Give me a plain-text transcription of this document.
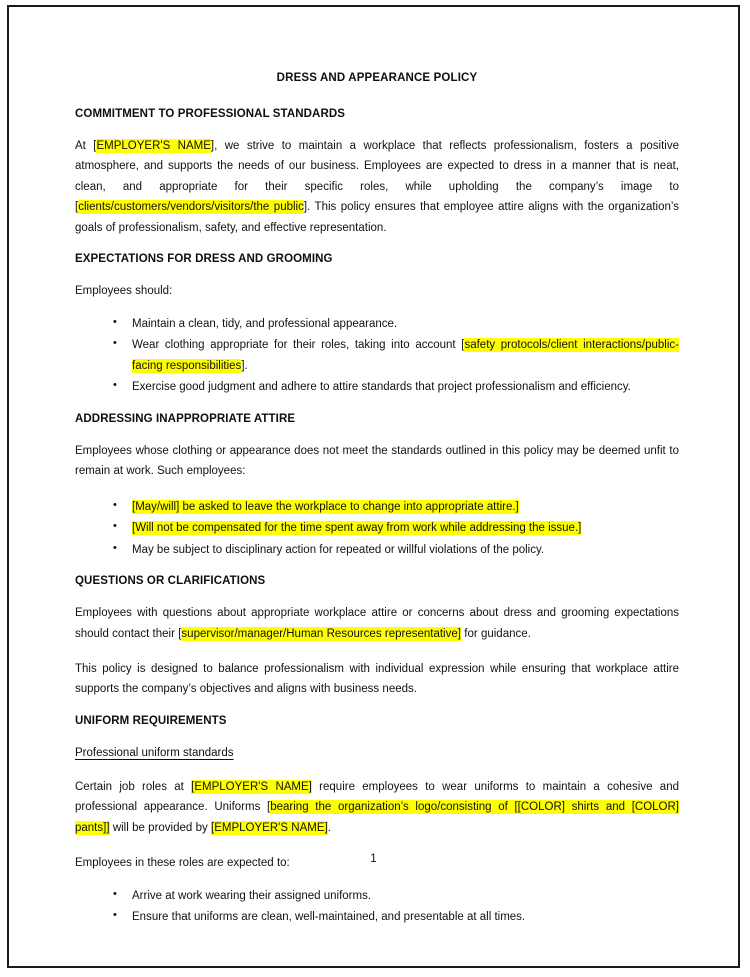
DRESS AND APPEARANCE POLICY
COMMITMENT TO PROFESSIONAL STANDARDS

At [EMPLOYER'S NAME], we strive to maintain a workplace that reflects professionalism, fosters a positive atmosphere, and supports the needs of our business. Employees are expected to dress in a manner that is neat, clean, and appropriate for their specific roles, while upholding the company’s image to [clients/customers/vendors/visitors/the public]. This policy ensures that employee attire aligns with the organization’s goals of professionalism, safety, and effective representation.

EXPECTATIONS FOR DRESS AND GROOMING

Employees should:

• Maintain a clean, tidy, and professional appearance.
• Wear clothing appropriate for their roles, taking into account [safety protocols/client interactions/public-facing responsibilities].
• Exercise good judgment and adhere to attire standards that project professionalism and efficiency.
ADDRESSING INAPPROPRIATE ATTIRE

Employees whose clothing or appearance does not meet the standards outlined in this policy may be deemed unfit to remain at work. Such employees:

• [May/will] be asked to leave the workplace to change into appropriate attire.]
• [Will not be compensated for the time spent away from work while addressing the issue.]
• May be subject to disciplinary action for repeated or willful violations of the policy.
QUESTIONS OR CLARIFICATIONS

Employees with questions about appropriate workplace attire or concerns about dress and grooming expectations should contact their [supervisor/manager/Human Resources representative] for guidance.

This policy is designed to balance professionalism with individual expression while ensuring that workplace attire supports the company’s objectives and aligns with business needs.

UNIFORM REQUIREMENTS
Professional uniform standards

Certain job roles at [EMPLOYER'S NAME] require employees to wear uniforms to maintain a cohesive and professional appearance. Uniforms [bearing the organization’s logo/consisting of [[COLOR] shirts and [COLOR] pants]] will be provided by [EMPLOYER'S NAME].

Employees in these roles are expected to:

• Arrive at work wearing their assigned uniforms.
• Ensure that uniforms are clean, well-maintained, and presentable at all times.
1
